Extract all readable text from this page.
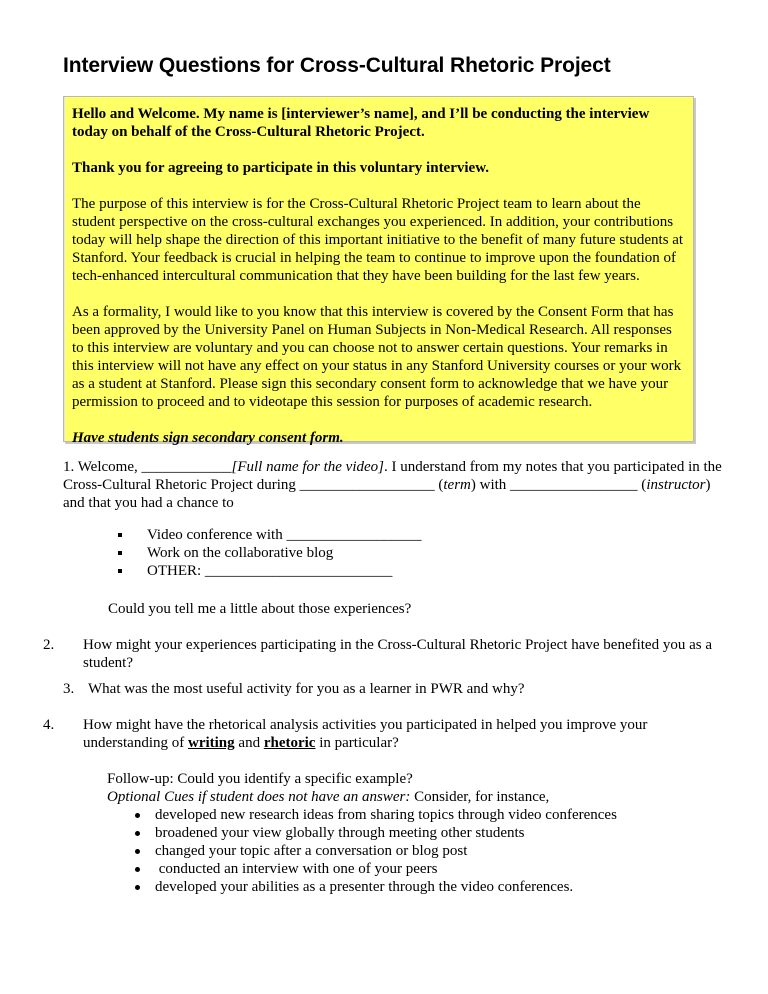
Interview Questions for Cross-Cultural Rhetoric Project

Hello and Welcome. My name is [interviewer’s name], and I’ll be conducting the interview today on behalf of the Cross-Cultural Rhetoric Project.

Thank you for agreeing to participate in this voluntary interview.

The purpose of this interview is for the Cross-Cultural Rhetoric Project team to learn about the student perspective on the cross-cultural exchanges you experienced. In addition, your contributions today will help shape the direction of this important initiative to the benefit of many future students at Stanford. Your feedback is crucial in helping the team to continue to improve upon the foundation of tech-enhanced intercultural communication that they have been building for the last few years.

As a formality, I would like to you know that this interview is covered by the Consent Form that has been approved by the University Panel on Human Subjects in Non-Medical Research. All responses to this interview are voluntary and you can choose not to answer certain questions. Your remarks in this interview will not have any effect on your status in any Stanford University courses or your work as a student at Stanford. Please sign this secondary consent form to acknowledge that we have your permission to proceed and to videotape this session for purposes of academic research.

Have students sign secondary consent form.

1. Welcome, ____________[Full name for the video]. I understand from my notes that you participated in the Cross-Cultural Rhetoric Project during __________________ (term) with _________________ (instructor) and that you had a chance to

Video conference with __________________
Work on the collaborative blog
OTHER: _________________________

Could you tell me a little about those experiences?

2. How might your experiences participating in the Cross-Cultural Rhetoric Project have benefited you as a student?
3. What was the most useful activity for you as a learner in PWR and why?
4. How might have the rhetorical analysis activities you participated in helped you improve your understanding of writing and rhetoric in particular?

Follow-up: Could you identify a specific example?

Optional Cues if student does not have an answer: Consider, for instance,

developed new research ideas from sharing topics through video conferences
broadened your view globally through meeting other students
changed your topic after a conversation or blog post
conducted an interview with one of your peers
developed your abilities as a presenter through the video conferences.
